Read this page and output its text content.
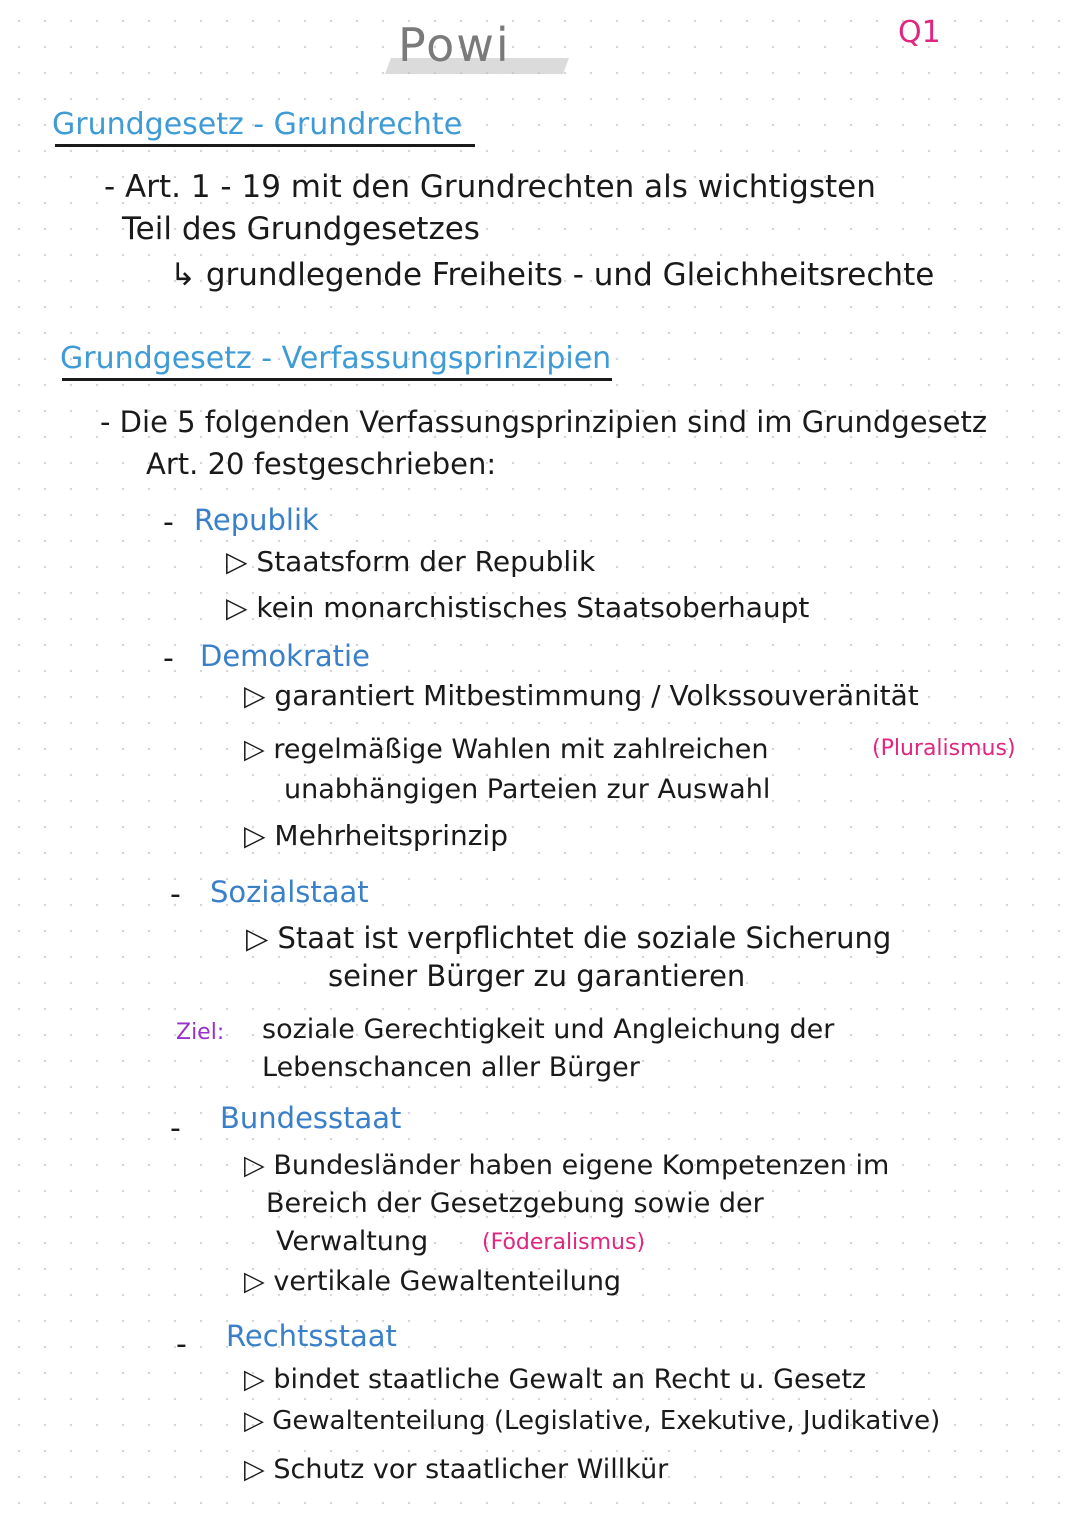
Powi	Q1
Grundgesetz - Grundrechte
- Art. 1 - 19 mit den Grundrechten als wichtigsten
Teil des Grundgesetzes
↳ grundlegende Freiheits - und Gleichheitsrechte
Grundgesetz - Verfassungsprinzipien
- Die 5 folgenden Verfassungsprinzipien sind im Grundgesetz
Art. 20 festgeschrieben:
- Republik
▷ Staatsform der Republik
▷ kein monarchistisches Staatsoberhaupt
- Demokratie
▷ garantiert Mitbestimmung / Volkssouveränität
▷ regelmäßige Wahlen mit zahlreichen	(Pluralismus)
unabhängigen Parteien zur Auswahl
▷ Mehrheitsprinzip
- Sozialstaat
▷ Staat ist verpflichtet die soziale Sicherung
seiner Bürger zu garantieren
Ziel: soziale Gerechtigkeit und Angleichung der
Lebenschancen aller Bürger
- Bundesstaat
▷ Bundesländer haben eigene Kompetenzen im
Bereich der Gesetzgebung sowie der
Verwaltung (Föderalismus)
▷ vertikale Gewaltenteilung
- Rechtsstaat
▷ bindet staatliche Gewalt an Recht u. Gesetz
▷ Gewaltenteilung (Legislative, Exekutive, Judikative)
▷ Schutz vor staatlicher Willkür
